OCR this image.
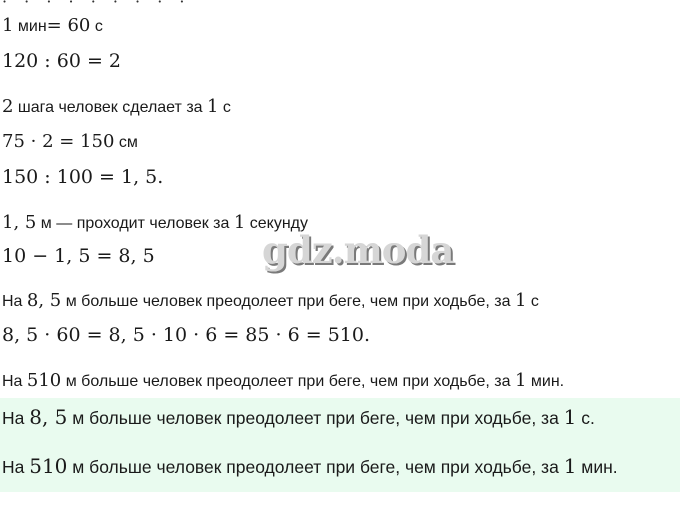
· · · · · · · · ·
1 мин= 60 с
120 : 60 = 2
2 шага человек сделает за 1 с
75 · 2 = 150 см
150 : 100 = 1, 5.
1, 5 м — проходит человек за 1 секунду
10 − 1, 5 = 8, 5	gdz.moda
На 8, 5 м больше человек преодолеет при беге, чем при ходьбе, за 1 с
8, 5 · 60 = 8, 5 · 10 · 6 = 85 · 6 = 510.
На 510 м больше человек преодолеет при беге, чем при ходьбе, за 1 мин.
На 8, 5 м больше человек преодолеет при беге, чем при ходьбе, за 1 с.
На 510 м больше человек преодолеет при беге, чем при ходьбе, за 1 мин.
